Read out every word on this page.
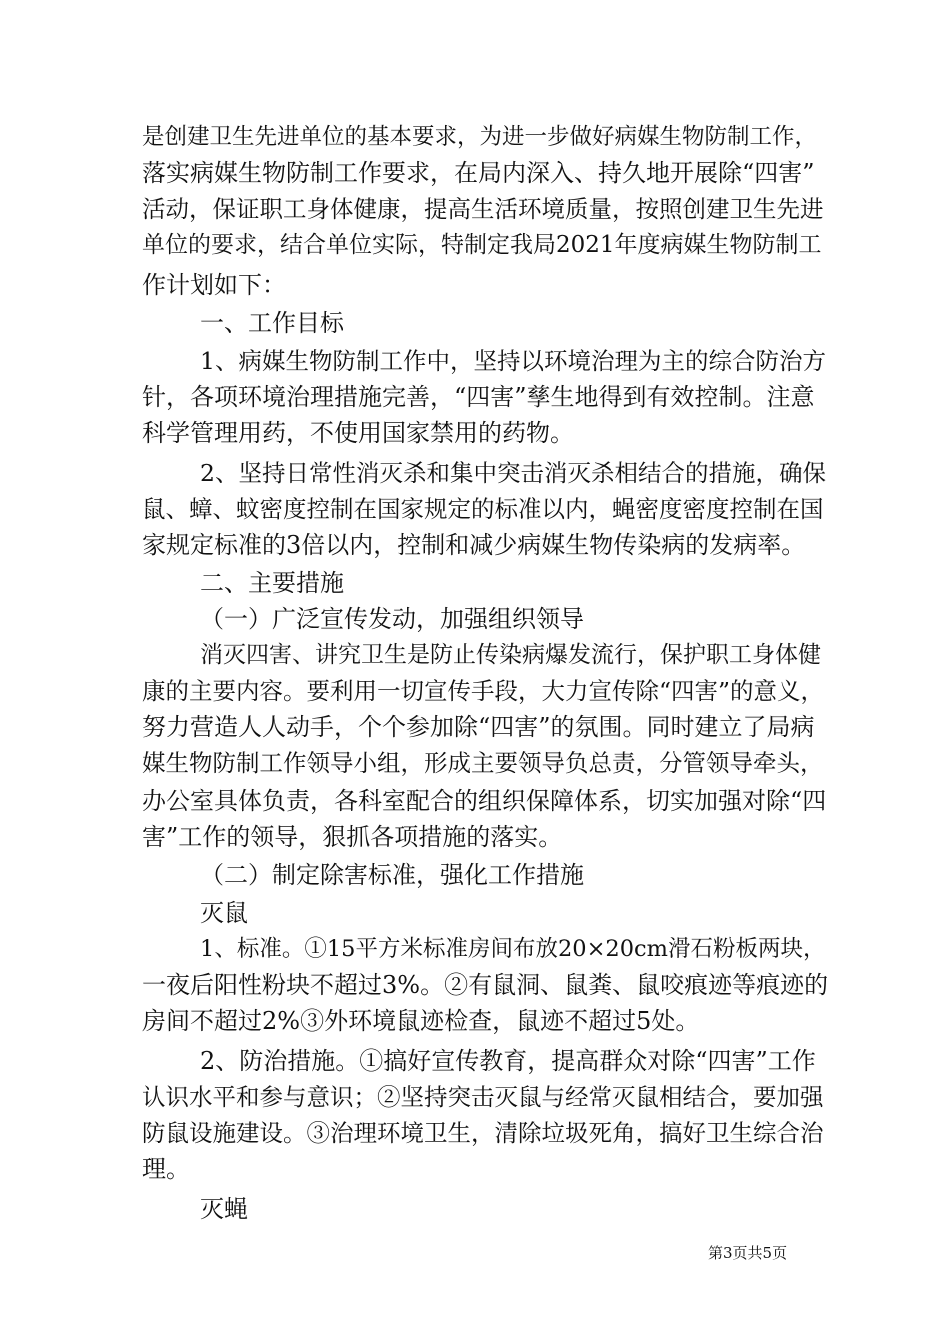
是创建卫生先进单位的基本要求，为进一步做好病媒生物防制工作，
落实病媒生物防制工作要求，在局内深入、持久地开展除“四害”
活动，保证职工身体健康，提高生活环境质量，按照创建卫生先进
单位的要求，结合单位实际，特制定我局2021年度病媒生物防制工
作计划如下：
一、工作目标
1、病媒生物防制工作中，坚持以环境治理为主的综合防治方
针，各项环境治理措施完善，“四害”孳生地得到有效控制。注意
科学管理用药，不使用国家禁用的药物。
2、坚持日常性消灭杀和集中突击消灭杀相结合的措施，确保
鼠、蟑、蚊密度控制在国家规定的标准以内，蝇密度密度控制在国
家规定标准的3倍以内，控制和减少病媒生物传染病的发病率。
二、主要措施
（一）广泛宣传发动，加强组织领导
消灭四害、讲究卫生是防止传染病爆发流行，保护职工身体健
康的主要内容。要利用一切宣传手段，大力宣传除“四害”的意义，
努力营造人人动手，个个参加除“四害”的氛围。同时建立了局病
媒生物防制工作领导小组，形成主要领导负总责，分管领导牵头，
办公室具体负责，各科室配合的组织保障体系，切实加强对除“四
害”工作的领导，狠抓各项措施的落实。
（二）制定除害标准，强化工作措施
灭鼠
1、标准。①15平方米标准房间布放20×20cm滑石粉板两块，
一夜后阳性粉块不超过3%。②有鼠洞、鼠粪、鼠咬痕迹等痕迹的
房间不超过2%③外环境鼠迹检查，鼠迹不超过5处。
2、防治措施。①搞好宣传教育，提高群众对除“四害”工作
认识水平和参与意识；②坚持突击灭鼠与经常灭鼠相结合，要加强
防鼠设施建设。③治理环境卫生，清除垃圾死角，搞好卫生综合治
理。
灭蝇
第3页共5页
